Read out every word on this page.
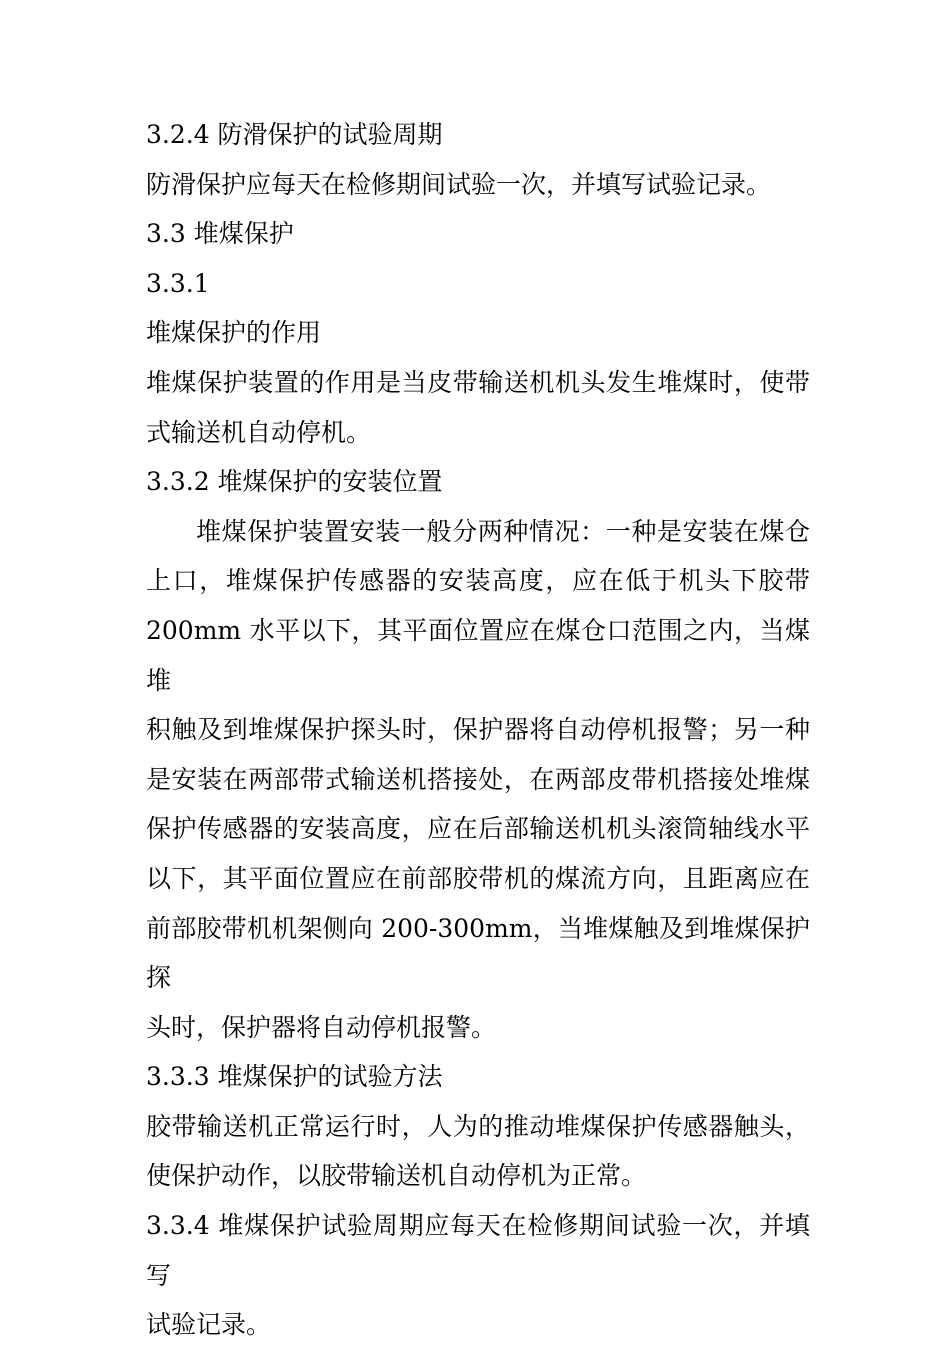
3.2.4 防滑保护的试验周期

防滑保护应每天在检修期间试验一次，并填写试验记录。

3.3 堆煤保护

3.3.1

堆煤保护的作用

堆煤保护装置的作用是当皮带输送机机头发生堆煤时，使带

式输送机自动停机。

3.3.2 堆煤保护的安装位置

堆煤保护装置安装一般分两种情况：一种是安装在煤仓

上口，堆煤保护传感器的安装高度，应在低于机头下胶带

200mm 水平以下，其平面位置应在煤仓口范围之内，当煤堆

积触及到堆煤保护探头时，保护器将自动停机报警；另一种

是安装在两部带式输送机搭接处，在两部皮带机搭接处堆煤

保护传感器的安装高度，应在后部输送机机头滚筒轴线水平

以下，其平面位置应在前部胶带机的煤流方向，且距离应在

前部胶带机机架侧向 200-300mm，当堆煤触及到堆煤保护探

头时，保护器将自动停机报警。

3.3.3 堆煤保护的试验方法

胶带输送机正常运行时，人为的推动堆煤保护传感器触头，

使保护动作，以胶带输送机自动停机为正常。

3.3.4 堆煤保护试验周期应每天在检修期间试验一次，并填写

试验记录。
